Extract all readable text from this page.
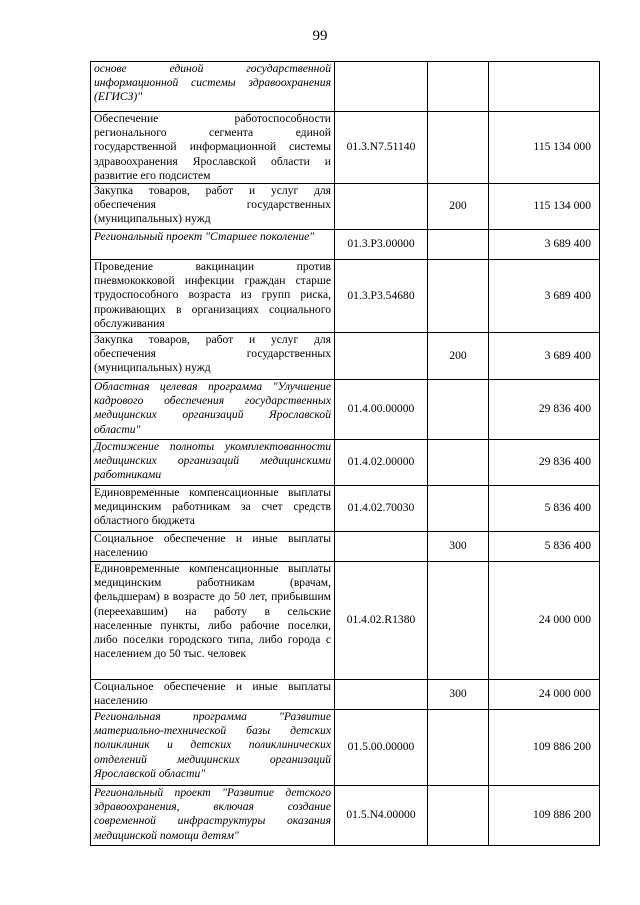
99
основе единой государственной информационной системы здравоохранения (ЕГИСЗ)"			
Обеспечение работоспособности регионального сегмента единой государственной информационной системы здравоохранения Ярославской области и развитие его подсистем	01.3.N7.51140		115 134 000
Закупка товаров, работ и услуг для обеспечения государственных (муниципальных) нужд		200	115 134 000
Региональный проект "Старшее поколение"	01.3.P3.00000		3 689 400
Проведение вакцинации против пневмококковой инфекции граждан старше трудоспособного возраста из групп риска, проживающих в организациях социального обслуживания	01.3.P3.54680		3 689 400
Закупка товаров, работ и услуг для обеспечения государственных (муниципальных) нужд		200	3 689 400
Областная целевая программа "Улучшение кадрового обеспечения государственных медицинских организаций Ярославской области"	01.4.00.00000		29 836 400
Достижение полноты укомплектованности медицинских организаций медицинскими работниками	01.4.02.00000		29 836 400
Единовременные компенсационные выплаты медицинским работникам за счет средств областного бюджета	01.4.02.70030		5 836 400
Социальное обеспечение и иные выплаты населению		300	5 836 400
Единовременные компенсационные выплаты медицинским работникам (врачам, фельдшерам) в возрасте до 50 лет, прибывшим (переехавшим) на работу в сельские населенные пункты, либо рабочие поселки, либо поселки городского типа, либо города с населением до 50 тыс. человек	01.4.02.R1380		24 000 000
Социальное обеспечение и иные выплаты населению		300	24 000 000
Региональная программа "Развитие материально-технической базы детских поликлиник и детских поликлинических отделений медицинских организаций Ярославской области"	01.5.00.00000		109 886 200
Региональный проект "Развитие детского здравоохранения, включая создание современной инфраструктуры оказания медицинской помощи детям"	01.5.N4.00000		109 886 200
